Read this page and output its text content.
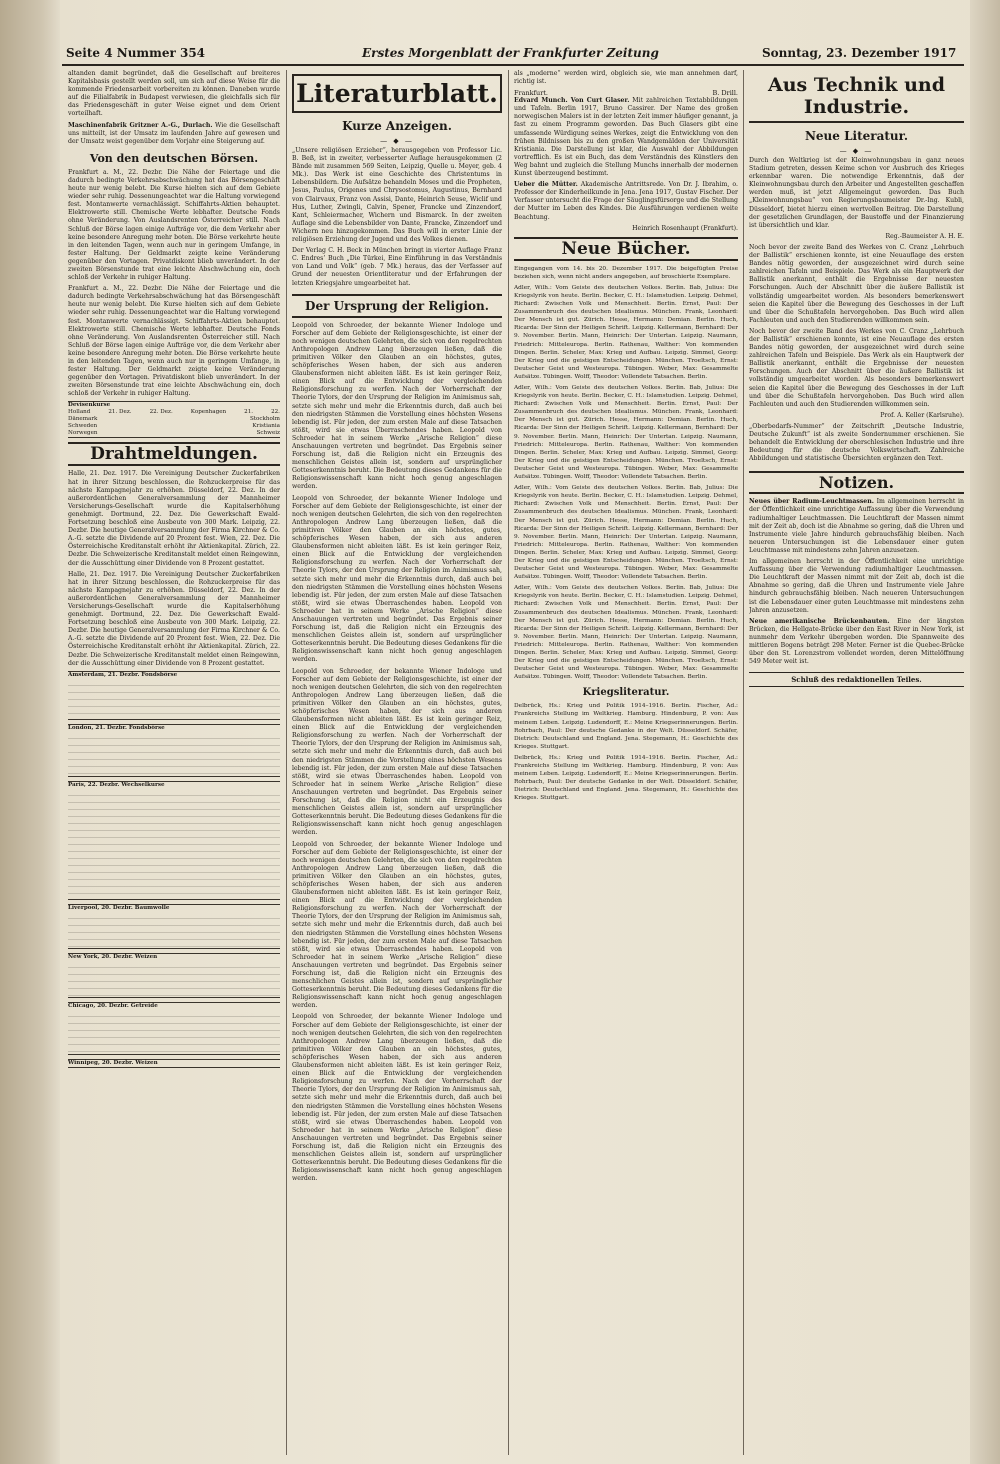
Seite 4 Nummer 354	Erstes Morgenblatt der Frankfurter Zeitung	Sonntag, 23. Dezember 1917

altanden damit begründet, daß die Gesellschaft auf breiteres Kapitalsbasis gestellt werden soll, um sich auf diese Weise für die kommende Friedensarbeit vorbereiten zu können. Daneben wurde auf die Filialfabrik in Budapest verwiesen, die gleichfalls sich für das Friedensgeschäft in guter Weise eignet und dem Orient vorteilhaft.

Maschinenfabrik Gritzner A.-G., Durlach. Wie die Gesellschaft uns mitteilt, ist der Umsatz im laufenden Jahre auf gewesen und der Umsatz weist gegenüber dem Vorjahr eine Steigerung auf.

Von den deutschen Börsen.

Frankfurt a. M., 22. Dezbr. Die Nähe der Feiertage und die dadurch bedingte Verkehrsabschwächung hat das Börsengeschäft heute nur wenig belebt. Die Kurse hielten sich auf dem Gebiete wieder sehr ruhig. Dessenungeachtet war die Haltung vorwiegend fest. Montanwerte vernachlässigt. Schiffahrts-Aktien behauptet. Elektrowerte still. Chemische Werte lebhafter. Deutsche Fonds ohne Veränderung. Von Auslandsrenten Österreicher still. Nach Schluß der Börse lagen einige Aufträge vor, die dem Verkehr aber keine besondere Anregung mehr boten. Die Börse verkehrte heute in den leitenden Tagen, wenn auch nur in geringem Umfange, in fester Haltung. Der Geldmarkt zeigte keine Veränderung gegenüber den Vortagen. Privatdiskont blieb unverändert. In der zweiten Börsenstunde trat eine leichte Abschwächung ein, doch schloß der Verkehr in ruhiger Haltung.

Frankfurt a. M., 22. Dezbr. Die Nähe der Feiertage und die dadurch bedingte Verkehrsabschwächung hat das Börsengeschäft heute nur wenig belebt. Die Kurse hielten sich auf dem Gebiete wieder sehr ruhig. Dessenungeachtet war die Haltung vorwiegend fest. Montanwerte vernachlässigt. Schiffahrts-Aktien behauptet. Elektrowerte still. Chemische Werte lebhafter. Deutsche Fonds ohne Veränderung. Von Auslandsrenten Österreicher still. Nach Schluß der Börse lagen einige Aufträge vor, die dem Verkehr aber keine besondere Anregung mehr boten. Die Börse verkehrte heute in den leitenden Tagen, wenn auch nur in geringem Umfange, in fester Haltung. Der Geldmarkt zeigte keine Veränderung gegenüber den Vortagen. Privatdiskont blieb unverändert. In der zweiten Börsenstunde trat eine leichte Abschwächung ein, doch schloß der Verkehr in ruhiger Haltung.

Devisenkurse
Holland	21. Dez.	22. Dez.	Kopenhagen	21.	22.
Dänemark	Stockholm
Schweden	Kristiania
Norwegen	Schweiz
Drahtmeldungen.

Halle, 21. Dez. 1917. Die Vereinigung Deutscher Zuckerfabriken hat in ihrer Sitzung beschlossen, die Rohzuckerpreise für das nächste Kampagnejahr zu erhöhen. Düsseldorf, 22. Dez. In der außerordentlichen Generalversammlung der Mannheimer Versicherungs-Gesellschaft wurde die Kapitalserhöhung genehmigt. Dortmund, 22. Dez. Die Gewerkschaft Ewald-Fortsetzung beschloß eine Ausbeute von 300 Mark. Leipzig, 22. Dezbr. Die heutige Generalversammlung der Firma Kirchner & Co. A.-G. setzte die Dividende auf 20 Prozent fest. Wien, 22. Dez. Die Österreichische Kreditanstalt erhöht ihr Aktienkapital. Zürich, 22. Dezbr. Die Schweizerische Kreditanstalt meldet einen Reingewinn, der die Ausschüttung einer Dividende von 8 Prozent gestattet.

Halle, 21. Dez. 1917. Die Vereinigung Deutscher Zuckerfabriken hat in ihrer Sitzung beschlossen, die Rohzuckerpreise für das nächste Kampagnejahr zu erhöhen. Düsseldorf, 22. Dez. In der außerordentlichen Generalversammlung der Mannheimer Versicherungs-Gesellschaft wurde die Kapitalserhöhung genehmigt. Dortmund, 22. Dez. Die Gewerkschaft Ewald-Fortsetzung beschloß eine Ausbeute von 300 Mark. Leipzig, 22. Dezbr. Die heutige Generalversammlung der Firma Kirchner & Co. A.-G. setzte die Dividende auf 20 Prozent fest. Wien, 22. Dez. Die Österreichische Kreditanstalt erhöht ihr Aktienkapital. Zürich, 22. Dezbr. Die Schweizerische Kreditanstalt meldet einen Reingewinn, der die Ausschüttung einer Dividende von 8 Prozent gestattet.

Amsterdam, 21. Dezbr. Fondsbörse
London, 21. Dezbr. Fondsbörse
Paris, 22. Dezbr. Wechselkurse
Liverpool, 20. Dezbr. Baumwolle
New York, 20. Dezbr. Weizen
Chicago, 20. Dezbr. Getreide
Winnipeg, 20. Dezbr. Weizen
Literaturblatt.
Kurze Anzeigen.
— ◆ —

„Unsere religiösen Erzieher“, herausgegeben von Professor Lic. B. Beß, ist in zweiter, verbesserter Auflage herausgekommen (2 Bände mit zusammen 569 Seiten, Leipzig, Quelle u. Meyer, geb. 4 Mk.). Das Werk ist eine Geschichte des Christentums in Lebensbildern. Die Aufsätze behandeln Moses und die Propheten, Jesus, Paulus, Origenes und Chrysostomus, Augustinus, Bernhard von Clairvaux, Franz von Assisi, Dante, Heinrich Seuse, Wiclif und Hus, Luther, Zwingli, Calvin, Spener, Francke und Zinzendorf, Kant, Schleiermacher, Wichern und Bismarck. In der zweiten Auflage sind die Lebensbilder von Dante, Francke, Zinzendorf und Wichern neu hinzugekommen. Das Buch will in erster Linie der religiösen Erziehung der Jugend und des Volkes dienen.

Der Verlag C. H. Beck in München bringt in vierter Auflage Franz C. Endres’ Buch „Die Türkei, Eine Einführung in das Verständnis von Land und Volk“ (geb. 7 Mk.) heraus, das der Verfasser auf Grund der neuesten Orientliteratur und der Erfahrungen der letzten Kriegsjahre umgearbeitet hat.

Der Ursprung der Religion.

Leopold von Schroeder, der bekannte Wiener Indologe und Forscher auf dem Gebiete der Religionsgeschichte, ist einer der noch wenigen deutschen Gelehrten, die sich von den regelrechten Anthropologen Andrew Lang überzeugen ließen, daß die primitiven Völker den Glauben an ein höchstes, gutes, schöpferisches Wesen haben, der sich aus anderen Glaubensformen nicht ableiten läßt. Es ist kein geringer Reiz, einen Blick auf die Entwicklung der vergleichenden Religionsforschung zu werfen. Nach der Vorherrschaft der Theorie Tylors, der den Ursprung der Religion im Animismus sah, setzte sich mehr und mehr die Erkenntnis durch, daß auch bei den niedrigsten Stämmen die Vorstellung eines höchsten Wesens lebendig ist. Für jeden, der zum ersten Male auf diese Tatsachen stößt, wird sie etwas Überraschendes haben. Leopold von Schroeder hat in seinem Werke „Arische Religion“ diese Anschauungen vertreten und begründet. Das Ergebnis seiner Forschung ist, daß die Religion nicht ein Erzeugnis des menschlichen Geistes allein ist, sondern auf ursprünglicher Gotteserkenntnis beruht. Die Bedeutung dieses Gedankens für die Religionswissenschaft kann nicht hoch genug angeschlagen werden.

Leopold von Schroeder, der bekannte Wiener Indologe und Forscher auf dem Gebiete der Religionsgeschichte, ist einer der noch wenigen deutschen Gelehrten, die sich von den regelrechten Anthropologen Andrew Lang überzeugen ließen, daß die primitiven Völker den Glauben an ein höchstes, gutes, schöpferisches Wesen haben, der sich aus anderen Glaubensformen nicht ableiten läßt. Es ist kein geringer Reiz, einen Blick auf die Entwicklung der vergleichenden Religionsforschung zu werfen. Nach der Vorherrschaft der Theorie Tylors, der den Ursprung der Religion im Animismus sah, setzte sich mehr und mehr die Erkenntnis durch, daß auch bei den niedrigsten Stämmen die Vorstellung eines höchsten Wesens lebendig ist. Für jeden, der zum ersten Male auf diese Tatsachen stößt, wird sie etwas Überraschendes haben. Leopold von Schroeder hat in seinem Werke „Arische Religion“ diese Anschauungen vertreten und begründet. Das Ergebnis seiner Forschung ist, daß die Religion nicht ein Erzeugnis des menschlichen Geistes allein ist, sondern auf ursprünglicher Gotteserkenntnis beruht. Die Bedeutung dieses Gedankens für die Religionswissenschaft kann nicht hoch genug angeschlagen werden.

Leopold von Schroeder, der bekannte Wiener Indologe und Forscher auf dem Gebiete der Religionsgeschichte, ist einer der noch wenigen deutschen Gelehrten, die sich von den regelrechten Anthropologen Andrew Lang überzeugen ließen, daß die primitiven Völker den Glauben an ein höchstes, gutes, schöpferisches Wesen haben, der sich aus anderen Glaubensformen nicht ableiten läßt. Es ist kein geringer Reiz, einen Blick auf die Entwicklung der vergleichenden Religionsforschung zu werfen. Nach der Vorherrschaft der Theorie Tylors, der den Ursprung der Religion im Animismus sah, setzte sich mehr und mehr die Erkenntnis durch, daß auch bei den niedrigsten Stämmen die Vorstellung eines höchsten Wesens lebendig ist. Für jeden, der zum ersten Male auf diese Tatsachen stößt, wird sie etwas Überraschendes haben. Leopold von Schroeder hat in seinem Werke „Arische Religion“ diese Anschauungen vertreten und begründet. Das Ergebnis seiner Forschung ist, daß die Religion nicht ein Erzeugnis des menschlichen Geistes allein ist, sondern auf ursprünglicher Gotteserkenntnis beruht. Die Bedeutung dieses Gedankens für die Religionswissenschaft kann nicht hoch genug angeschlagen werden.

Leopold von Schroeder, der bekannte Wiener Indologe und Forscher auf dem Gebiete der Religionsgeschichte, ist einer der noch wenigen deutschen Gelehrten, die sich von den regelrechten Anthropologen Andrew Lang überzeugen ließen, daß die primitiven Völker den Glauben an ein höchstes, gutes, schöpferisches Wesen haben, der sich aus anderen Glaubensformen nicht ableiten läßt. Es ist kein geringer Reiz, einen Blick auf die Entwicklung der vergleichenden Religionsforschung zu werfen. Nach der Vorherrschaft der Theorie Tylors, der den Ursprung der Religion im Animismus sah, setzte sich mehr und mehr die Erkenntnis durch, daß auch bei den niedrigsten Stämmen die Vorstellung eines höchsten Wesens lebendig ist. Für jeden, der zum ersten Male auf diese Tatsachen stößt, wird sie etwas Überraschendes haben. Leopold von Schroeder hat in seinem Werke „Arische Religion“ diese Anschauungen vertreten und begründet. Das Ergebnis seiner Forschung ist, daß die Religion nicht ein Erzeugnis des menschlichen Geistes allein ist, sondern auf ursprünglicher Gotteserkenntnis beruht. Die Bedeutung dieses Gedankens für die Religionswissenschaft kann nicht hoch genug angeschlagen werden.

Leopold von Schroeder, der bekannte Wiener Indologe und Forscher auf dem Gebiete der Religionsgeschichte, ist einer der noch wenigen deutschen Gelehrten, die sich von den regelrechten Anthropologen Andrew Lang überzeugen ließen, daß die primitiven Völker den Glauben an ein höchstes, gutes, schöpferisches Wesen haben, der sich aus anderen Glaubensformen nicht ableiten läßt. Es ist kein geringer Reiz, einen Blick auf die Entwicklung der vergleichenden Religionsforschung zu werfen. Nach der Vorherrschaft der Theorie Tylors, der den Ursprung der Religion im Animismus sah, setzte sich mehr und mehr die Erkenntnis durch, daß auch bei den niedrigsten Stämmen die Vorstellung eines höchsten Wesens lebendig ist. Für jeden, der zum ersten Male auf diese Tatsachen stößt, wird sie etwas Überraschendes haben. Leopold von Schroeder hat in seinem Werke „Arische Religion“ diese Anschauungen vertreten und begründet. Das Ergebnis seiner Forschung ist, daß die Religion nicht ein Erzeugnis des menschlichen Geistes allein ist, sondern auf ursprünglicher Gotteserkenntnis beruht. Die Bedeutung dieses Gedankens für die Religionswissenschaft kann nicht hoch genug angeschlagen werden.

als „moderne“ werden wird, obgleich sie, wie man annehmen darf, richtig ist.

Frankfurt.	B. Drill.

Edvard Munch. Von Curt Glaser. Mit zahlreichen Textabbildungen und Tafeln. Berlin 1917, Bruno Cassirer. Der Name des großen norwegischen Malers ist in der letzten Zeit immer häufiger genannt, ja fast zu einem Programm geworden. Das Buch Glasers gibt eine umfassende Würdigung seines Werkes, zeigt die Entwicklung von den frühen Bildnissen bis zu den großen Wandgemälden der Universität Kristiania. Die Darstellung ist klar, die Auswahl der Abbildungen vortrefflich. Es ist ein Buch, das dem Verständnis des Künstlers den Weg bahnt und zugleich die Stellung Munchs innerhalb der modernen Kunst überzeugend bestimmt.

Ueber die Mütter. Akademische Antrittsrede. Von Dr. J. Ibrahim, o. Professor der Kinderheilkunde in Jena. Jena 1917, Gustav Fischer. Der Verfasser untersucht die Frage der Säuglingsfürsorge und die Stellung der Mutter im Leben des Kindes. Die Ausführungen verdienen weite Beachtung.

Heinrich Rosenhaupt (Frankfurt).
Neue Bücher.

Eingegangen vom 14. bis 20. Dezember 1917. Die beigefügten Preise beziehen sich, wenn nicht anders angegeben, auf broschierte Exemplare.

Adler, Wilh.: Vom Geiste des deutschen Volkes. Berlin. Bab, Julius: Die Kriegslyrik von heute. Berlin. Becker, C. H.: Islamstudien. Leipzig. Dehmel, Richard: Zwischen Volk und Menschheit. Berlin. Ernst, Paul: Der Zusammenbruch des deutschen Idealismus. München. Frank, Leonhard: Der Mensch ist gut. Zürich. Hesse, Hermann: Demian. Berlin. Huch, Ricarda: Der Sinn der Heiligen Schrift. Leipzig. Kellermann, Bernhard: Der 9. November. Berlin. Mann, Heinrich: Der Untertan. Leipzig. Naumann, Friedrich: Mitteleuropa. Berlin. Rathenau, Walther: Von kommenden Dingen. Berlin. Scheler, Max: Krieg und Aufbau. Leipzig. Simmel, Georg: Der Krieg und die geistigen Entscheidungen. München. Troeltsch, Ernst: Deutscher Geist und Westeuropa. Tübingen. Weber, Max: Gesammelte Aufsätze. Tübingen. Wolff, Theodor: Vollendete Tatsachen. Berlin.

Adler, Wilh.: Vom Geiste des deutschen Volkes. Berlin. Bab, Julius: Die Kriegslyrik von heute. Berlin. Becker, C. H.: Islamstudien. Leipzig. Dehmel, Richard: Zwischen Volk und Menschheit. Berlin. Ernst, Paul: Der Zusammenbruch des deutschen Idealismus. München. Frank, Leonhard: Der Mensch ist gut. Zürich. Hesse, Hermann: Demian. Berlin. Huch, Ricarda: Der Sinn der Heiligen Schrift. Leipzig. Kellermann, Bernhard: Der 9. November. Berlin. Mann, Heinrich: Der Untertan. Leipzig. Naumann, Friedrich: Mitteleuropa. Berlin. Rathenau, Walther: Von kommenden Dingen. Berlin. Scheler, Max: Krieg und Aufbau. Leipzig. Simmel, Georg: Der Krieg und die geistigen Entscheidungen. München. Troeltsch, Ernst: Deutscher Geist und Westeuropa. Tübingen. Weber, Max: Gesammelte Aufsätze. Tübingen. Wolff, Theodor: Vollendete Tatsachen. Berlin.

Adler, Wilh.: Vom Geiste des deutschen Volkes. Berlin. Bab, Julius: Die Kriegslyrik von heute. Berlin. Becker, C. H.: Islamstudien. Leipzig. Dehmel, Richard: Zwischen Volk und Menschheit. Berlin. Ernst, Paul: Der Zusammenbruch des deutschen Idealismus. München. Frank, Leonhard: Der Mensch ist gut. Zürich. Hesse, Hermann: Demian. Berlin. Huch, Ricarda: Der Sinn der Heiligen Schrift. Leipzig. Kellermann, Bernhard: Der 9. November. Berlin. Mann, Heinrich: Der Untertan. Leipzig. Naumann, Friedrich: Mitteleuropa. Berlin. Rathenau, Walther: Von kommenden Dingen. Berlin. Scheler, Max: Krieg und Aufbau. Leipzig. Simmel, Georg: Der Krieg und die geistigen Entscheidungen. München. Troeltsch, Ernst: Deutscher Geist und Westeuropa. Tübingen. Weber, Max: Gesammelte Aufsätze. Tübingen. Wolff, Theodor: Vollendete Tatsachen. Berlin.

Adler, Wilh.: Vom Geiste des deutschen Volkes. Berlin. Bab, Julius: Die Kriegslyrik von heute. Berlin. Becker, C. H.: Islamstudien. Leipzig. Dehmel, Richard: Zwischen Volk und Menschheit. Berlin. Ernst, Paul: Der Zusammenbruch des deutschen Idealismus. München. Frank, Leonhard: Der Mensch ist gut. Zürich. Hesse, Hermann: Demian. Berlin. Huch, Ricarda: Der Sinn der Heiligen Schrift. Leipzig. Kellermann, Bernhard: Der 9. November. Berlin. Mann, Heinrich: Der Untertan. Leipzig. Naumann, Friedrich: Mitteleuropa. Berlin. Rathenau, Walther: Von kommenden Dingen. Berlin. Scheler, Max: Krieg und Aufbau. Leipzig. Simmel, Georg: Der Krieg und die geistigen Entscheidungen. München. Troeltsch, Ernst: Deutscher Geist und Westeuropa. Tübingen. Weber, Max: Gesammelte Aufsätze. Tübingen. Wolff, Theodor: Vollendete Tatsachen. Berlin.

Kriegsliteratur.

Delbrück, Hs.: Krieg und Politik 1914–1916. Berlin. Fischer, Ad.: Frankreichs Stellung im Weltkrieg. Hamburg. Hindenburg, P. von: Aus meinem Leben. Leipzig. Ludendorff, E.: Meine Kriegserinnerungen. Berlin. Rohrbach, Paul: Der deutsche Gedanke in der Welt. Düsseldorf. Schäfer, Dietrich: Deutschland und England. Jena. Stegemann, H.: Geschichte des Krieges. Stuttgart.

Delbrück, Hs.: Krieg und Politik 1914–1916. Berlin. Fischer, Ad.: Frankreichs Stellung im Weltkrieg. Hamburg. Hindenburg, P. von: Aus meinem Leben. Leipzig. Ludendorff, E.: Meine Kriegserinnerungen. Berlin. Rohrbach, Paul: Der deutsche Gedanke in der Welt. Düsseldorf. Schäfer, Dietrich: Deutschland und England. Jena. Stegemann, H.: Geschichte des Krieges. Stuttgart.

Aus Technik und Industrie.
Neue Literatur.
— ◆ —

Durch den Weltkrieg ist der Kleinwohnungsbau in ganz neues Stadium getreten, dessen Keime schon vor Ausbruch des Krieges erkennbar waren. Die notwendige Erkenntnis, daß der Kleinwohnungsbau durch den Arbeiter und Angestellten geschaffen werden muß, ist jetzt Allgemeingut geworden. Das Buch „Kleinwohnungsbau“ von Regierungsbaumeister Dr.-Ing. Kubli, Düsseldorf, bietet hierzu einen wertvollen Beitrag. Die Darstellung der gesetzlichen Grundlagen, der Baustoffe und der Finanzierung ist übersichtlich und klar.

Reg.-Baumeister A. H. E.

Noch bevor der zweite Band des Werkes von C. Cranz „Lehrbuch der Ballistik“ erschienen konnte, ist eine Neuauflage des ersten Bandes nötig geworden, der ausgezeichnet wird durch seine zahlreichen Tafeln und Beispiele. Das Werk als ein Hauptwerk der Ballistik anerkannt, enthält die Ergebnisse der neuesten Forschungen. Auch der Abschnitt über die äußere Ballistik ist vollständig umgearbeitet worden. Als besonders bemerkenswert seien die Kapitel über die Bewegung des Geschosses in der Luft und über die Schußtafeln hervorgehoben. Das Buch wird allen Fachleuten und auch den Studierenden willkommen sein.

Noch bevor der zweite Band des Werkes von C. Cranz „Lehrbuch der Ballistik“ erschienen konnte, ist eine Neuauflage des ersten Bandes nötig geworden, der ausgezeichnet wird durch seine zahlreichen Tafeln und Beispiele. Das Werk als ein Hauptwerk der Ballistik anerkannt, enthält die Ergebnisse der neuesten Forschungen. Auch der Abschnitt über die äußere Ballistik ist vollständig umgearbeitet worden. Als besonders bemerkenswert seien die Kapitel über die Bewegung des Geschosses in der Luft und über die Schußtafeln hervorgehoben. Das Buch wird allen Fachleuten und auch den Studierenden willkommen sein.

Prof. A. Keller (Karlsruhe).

„Oberbedarfs-Nummer“ der Zeitschrift „Deutsche Industrie, Deutsche Zukunft“ ist als zweite Sondernummer erschienen. Sie behandelt die Entwicklung der oberschlesischen Industrie und ihre Bedeutung für die deutsche Volkswirtschaft. Zahlreiche Abbildungen und statistische Übersichten ergänzen den Text.

Notizen.

Neues über Radium-Leuchtmassen. Im allgemeinen herrscht in der Öffentlichkeit eine unrichtige Auffassung über die Verwendung radiumhaltiger Leuchtmassen. Die Leuchtkraft der Massen nimmt mit der Zeit ab, doch ist die Abnahme so gering, daß die Uhren und Instrumente viele Jahre hindurch gebrauchsfähig bleiben. Nach neueren Untersuchungen ist die Lebensdauer einer guten Leuchtmasse mit mindestens zehn Jahren anzusetzen.

Im allgemeinen herrscht in der Öffentlichkeit eine unrichtige Auffassung über die Verwendung radiumhaltiger Leuchtmassen. Die Leuchtkraft der Massen nimmt mit der Zeit ab, doch ist die Abnahme so gering, daß die Uhren und Instrumente viele Jahre hindurch gebrauchsfähig bleiben. Nach neueren Untersuchungen ist die Lebensdauer einer guten Leuchtmasse mit mindestens zehn Jahren anzusetzen.

Neue amerikanische Brückenbauten. Eine der längsten Brücken, die Hellgate-Brücke über den East River in New York, ist nunmehr dem Verkehr übergeben worden. Die Spannweite des mittleren Bogens beträgt 298 Meter. Ferner ist die Quebec-Brücke über den St. Lorenzstrom vollendet worden, deren Mittelöffnung 549 Meter weit ist.

Schluß des redaktionellen Teiles.
